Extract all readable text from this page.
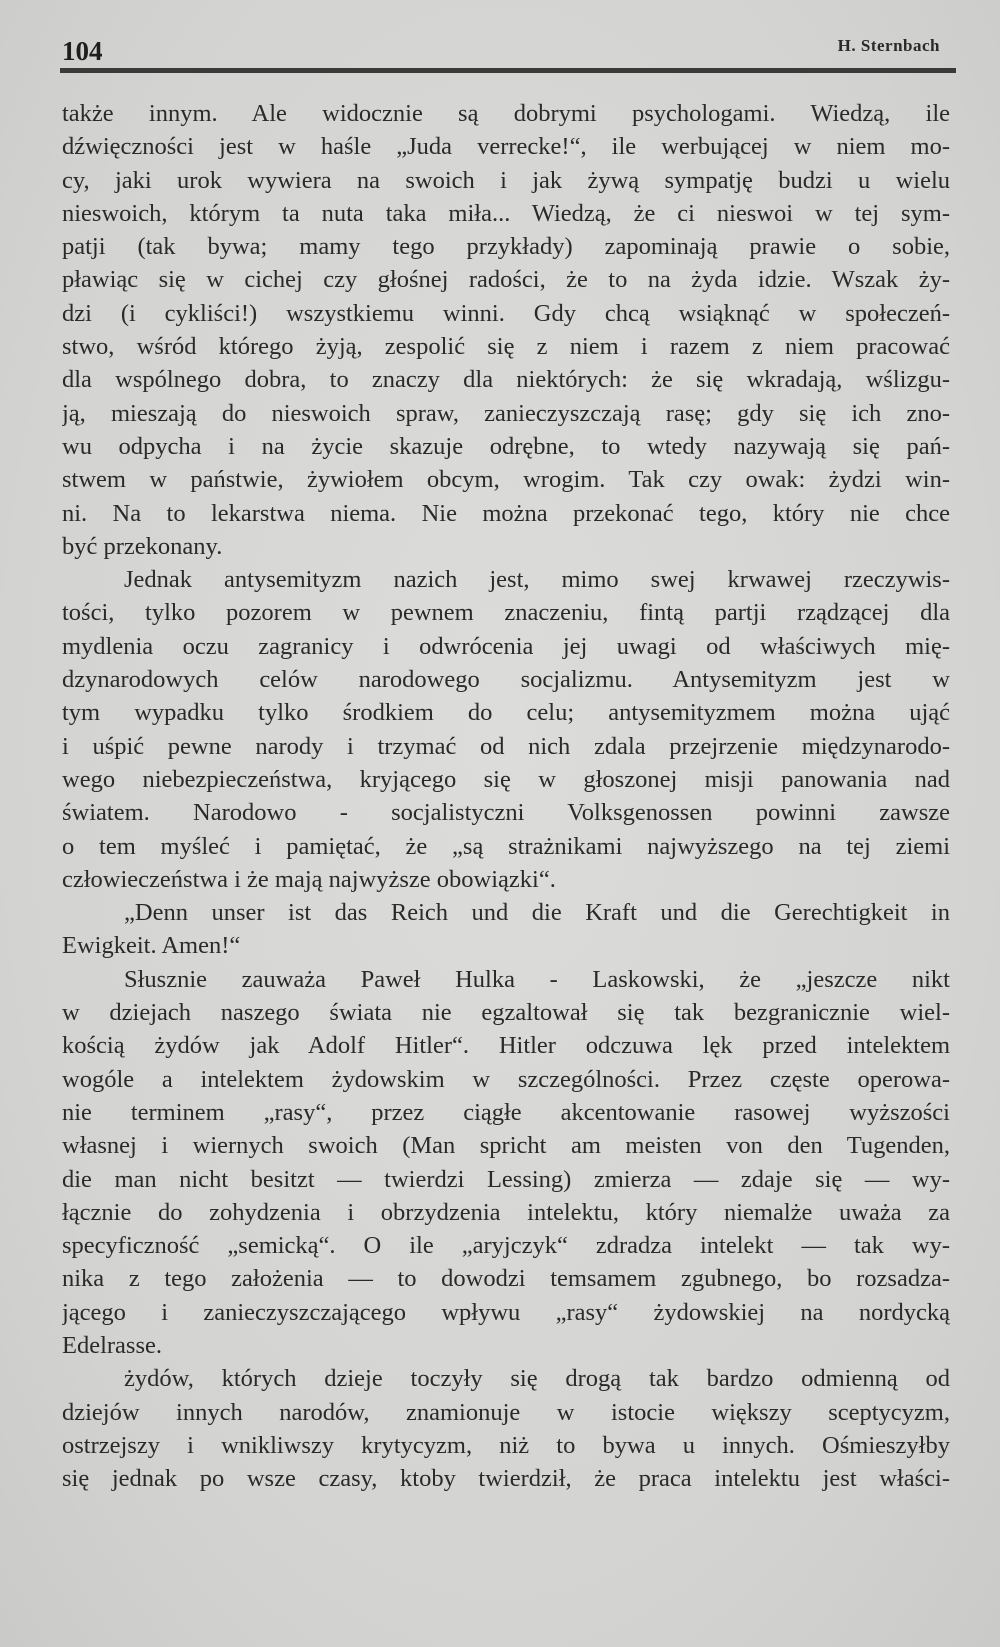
104	H. Sternbach
także innym. Ale widocznie są dobrymi psychologami. Wiedzą, ile
dźwięczności jest w haśle „Juda verrecke!“, ile werbującej w niem mo-
cy, jaki urok wywiera na swoich i jak żywą sympatję budzi u wielu
nieswoich, którym ta nuta taka miła... Wiedzą, że ci nieswoi w tej sym-
patji (tak bywa; mamy tego przykłady) zapominają prawie o sobie,
pławiąc się w cichej czy głośnej radości, że to na żyda idzie. Wszak ży-
dzi (i cykliści!) wszystkiemu winni. Gdy chcą wsiąknąć w społeczeń-
stwo, wśród którego żyją, zespolić się z niem i razem z niem pracować
dla wspólnego dobra, to znaczy dla niektórych: że się wkradają, wślizgu-
ją, mieszają do nieswoich spraw, zanieczyszczają rasę; gdy się ich zno-
wu odpycha i na życie skazuje odrębne, to wtedy nazywają się pań-
stwem w państwie, żywiołem obcym, wrogim. Tak czy owak: żydzi win-
ni. Na to lekarstwa niema. Nie można przekonać tego, który nie chce
być przekonany.
Jednak antysemityzm nazich jest, mimo swej krwawej rzeczywis-
tości, tylko pozorem w pewnem znaczeniu, fintą partji rządzącej dla
mydlenia oczu zagranicy i odwrócenia jej uwagi od właściwych mię-
dzynarodowych celów narodowego socjalizmu. Antysemityzm jest w
tym wypadku tylko środkiem do celu; antysemityzmem można ująć
i uśpić pewne narody i trzymać od nich zdala przejrzenie międzynarodo-
wego niebezpieczeństwa, kryjącego się w głoszonej misji panowania nad
światem. Narodowo - socjalistyczni Volksgenossen powinni zawsze
o tem myśleć i pamiętać, że „są strażnikami najwyższego na tej ziemi
człowieczeństwa i że mają najwyższe obowiązki“.
„Denn unser ist das Reich und die Kraft und die Gerechtigkeit in
Ewigkeit. Amen!“
Słusznie zauważa Paweł Hulka - Laskowski, że „jeszcze nikt
w dziejach naszego świata nie egzaltował się tak bezgranicznie wiel-
kością żydów jak Adolf Hitler“. Hitler odczuwa lęk przed intelektem
wogóle a intelektem żydowskim w szczególności. Przez częste operowa-
nie terminem „rasy“, przez ciągłe akcentowanie rasowej wyższości
własnej i wiernych swoich (Man spricht am meisten von den Tugenden,
die man nicht besitzt — twierdzi Lessing) zmierza — zdaje się — wy-
łącznie do zohydzenia i obrzydzenia intelektu, który niemalże uważa za
specyficzność „semicką“. O ile „aryjczyk“ zdradza intelekt — tak wy-
nika z tego założenia — to dowodzi temsamem zgubnego, bo rozsadza-
jącego i zanieczyszczającego wpływu „rasy“ żydowskiej na nordycką
Edelrasse.
żydów, których dzieje toczyły się drogą tak bardzo odmienną od
dziejów innych narodów, znamionuje w istocie większy sceptycyzm,
ostrzejszy i wnikliwszy krytycyzm, niż to bywa u innych. Ośmieszyłby
się jednak po wsze czasy, ktoby twierdził, że praca intelektu jest właści-
